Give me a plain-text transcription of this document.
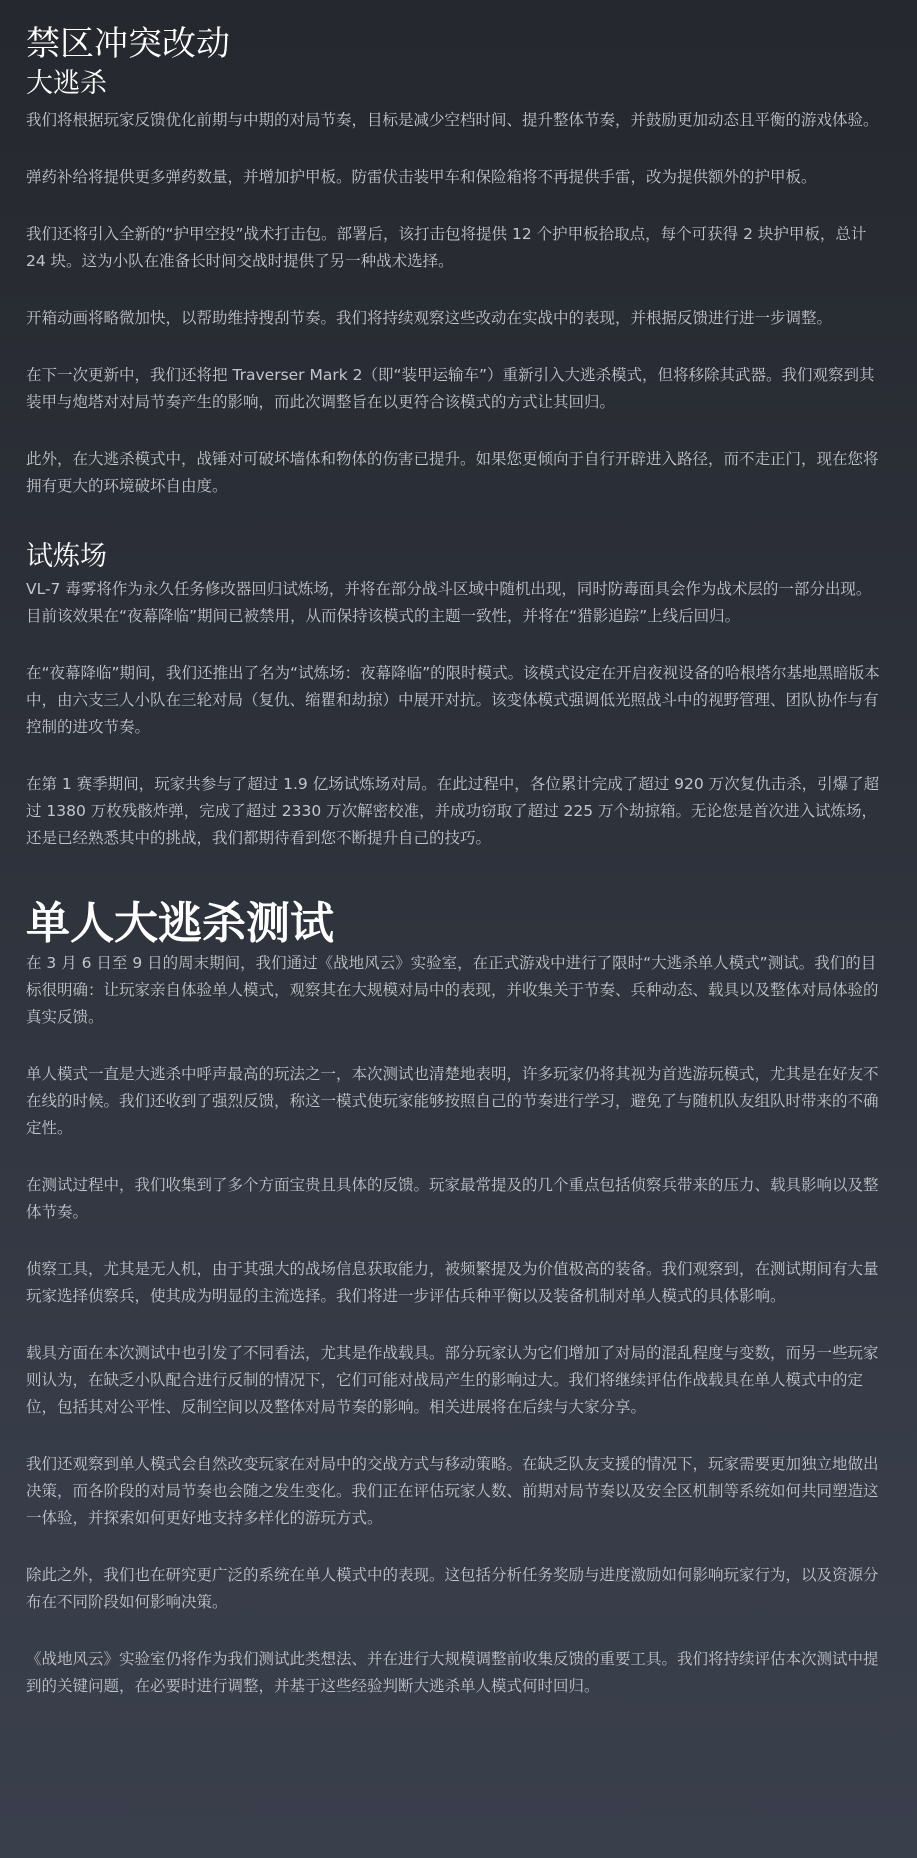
禁区冲突改动
大逃杀

我们将根据玩家反馈优化前期与中期的对局节奏，目标是减少空档时间、提升整体节奏，并鼓励更加动态且平衡的游戏体验。

弹药补给将提供更多弹药数量，并增加护甲板。防雷伏击装甲车和保险箱将不再提供手雷，改为提供额外的护甲板。

我们还将引入全新的“护甲空投”战术打击包。部署后，该打击包将提供 12 个护甲板拾取点，每个可获得 2 块护甲板，总计 24 块。这为小队在准备长时间交战时提供了另一种战术选择。

开箱动画将略微加快，以帮助维持搜刮节奏。我们将持续观察这些改动在实战中的表现，并根据反馈进行进一步调整。

在下一次更新中，我们还将把 Traverser Mark 2（即“装甲运输车”）重新引入大逃杀模式，但将移除其武器。我们观察到其装甲与炮塔对对局节奏产生的影响，而此次调整旨在以更符合该模式的方式让其回归。

此外，在大逃杀模式中，战锤对可破坏墙体和物体的伤害已提升。如果您更倾向于自行开辟进入路径，而不走正门，现在您将拥有更大的环境破坏自由度。

试炼场

VL-7 毒雾将作为永久任务修改器回归试炼场，并将在部分战斗区域中随机出现，同时防毒面具会作为战术层的一部分出现。目前该效果在“夜幕降临”期间已被禁用，从而保持该模式的主题一致性，并将在“猎影追踪”上线后回归。

在“夜幕降临”期间，我们还推出了名为“试炼场：夜幕降临”的限时模式。该模式设定在开启夜视设备的哈根塔尔基地黑暗版本中，由六支三人小队在三轮对局（复仇、缩瞿和劫掠）中展开对抗。该变体模式强调低光照战斗中的视野管理、团队协作与有控制的进攻节奏。

在第 1 赛季期间，玩家共参与了超过 1.9 亿场试炼场对局。在此过程中，各位累计完成了超过 920 万次复仇击杀，引爆了超过 1380 万枚残骸炸弹，完成了超过 2330 万次解密校准，并成功窃取了超过 225 万个劫掠箱。无论您是首次进入试炼场，还是已经熟悉其中的挑战，我们都期待看到您不断提升自己的技巧。

单人大逃杀测试

在 3 月 6 日至 9 日的周末期间，我们通过《战地风云》实验室，在正式游戏中进行了限时“大逃杀单人模式”测试。我们的目标很明确：让玩家亲自体验单人模式，观察其在大规模对局中的表现，并收集关于节奏、兵种动态、载具以及整体对局体验的真实反馈。

单人模式一直是大逃杀中呼声最高的玩法之一，本次测试也清楚地表明，许多玩家仍将其视为首选游玩模式，尤其是在好友不在线的时候。我们还收到了强烈反馈，称这一模式使玩家能够按照自己的节奏进行学习，避免了与随机队友组队时带来的不确定性。

在测试过程中，我们收集到了多个方面宝贵且具体的反馈。玩家最常提及的几个重点包括侦察兵带来的压力、载具影响以及整体节奏。

侦察工具，尤其是无人机，由于其强大的战场信息获取能力，被频繁提及为价值极高的装备。我们观察到，在测试期间有大量玩家选择侦察兵，使其成为明显的主流选择。我们将进一步评估兵种平衡以及装备机制对单人模式的具体影响。

载具方面在本次测试中也引发了不同看法，尤其是作战载具。部分玩家认为它们增加了对局的混乱程度与变数，而另一些玩家则认为，在缺乏小队配合进行反制的情况下，它们可能对战局产生的影响过大。我们将继续评估作战载具在单人模式中的定位，包括其对公平性、反制空间以及整体对局节奏的影响。相关进展将在后续与大家分享。

我们还观察到单人模式会自然改变玩家在对局中的交战方式与移动策略。在缺乏队友支援的情况下，玩家需要更加独立地做出决策，而各阶段的对局节奏也会随之发生变化。我们正在评估玩家人数、前期对局节奏以及安全区机制等系统如何共同塑造这一体验，并探索如何更好地支持多样化的游玩方式。

除此之外，我们也在研究更广泛的系统在单人模式中的表现。这包括分析任务奖励与进度激励如何影响玩家行为，以及资源分布在不同阶段如何影响决策。

《战地风云》实验室仍将作为我们测试此类想法、并在进行大规模调整前收集反馈的重要工具。我们将持续评估本次测试中提到的关键问题，在必要时进行调整，并基于这些经验判断大逃杀单人模式何时回归。
